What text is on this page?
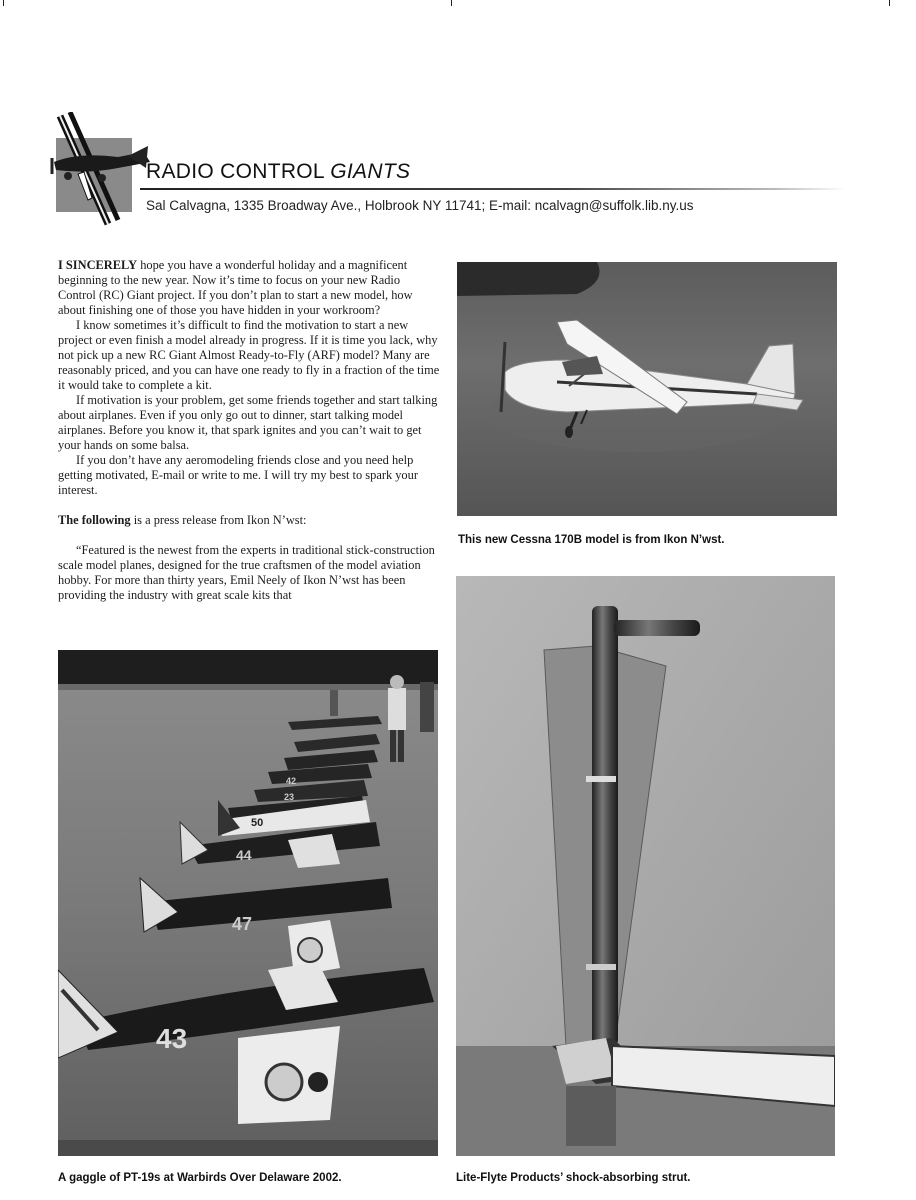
RADIO CONTROL GIANTS

Sal Calvagna, 1335 Broadway Ave., Holbrook NY 11741; E-mail: ncalvagn@suffolk.lib.ny.us

I SINCERELY hope you have a wonderful holiday and a magnificent beginning to the new year. Now it’s time to focus on your new Radio Control (RC) Giant project. If you don’t plan to start a new model, how about finishing one of those you have hidden in your workroom?

I know sometimes it’s difficult to find the motivation to start a new project or even finish a model already in progress. If it is time you lack, why not pick up a new RC Giant Almost Ready-to-Fly (ARF) model? Many are reasonably priced, and you can have one ready to fly in a fraction of the time it would take to complete a kit.

If motivation is your problem, get some friends together and start talking about airplanes. Even if you only go out to dinner, start talking model airplanes. Before you know it, that spark ignites and you can’t wait to get your hands on some balsa.

If you don’t have any aeromodeling friends close and you need help getting motivated, E-mail or write to me. I will try my best to spark your interest.

The following is a press release from Ikon N’wst:

“Featured is the newest from the experts in traditional stick-construction scale model planes, designed for the true craftsmen of the model aviation hobby. For more than thirty years, Emil Neely of Ikon N’wst has been providing the industry with great scale kits that

This new Cessna 170B model is from Ikon N’wst.

50
44
47
43
23
42

A gaggle of PT-19s at Warbirds Over Delaware 2002.	Lite-Flyte Products’ shock-absorbing strut.
